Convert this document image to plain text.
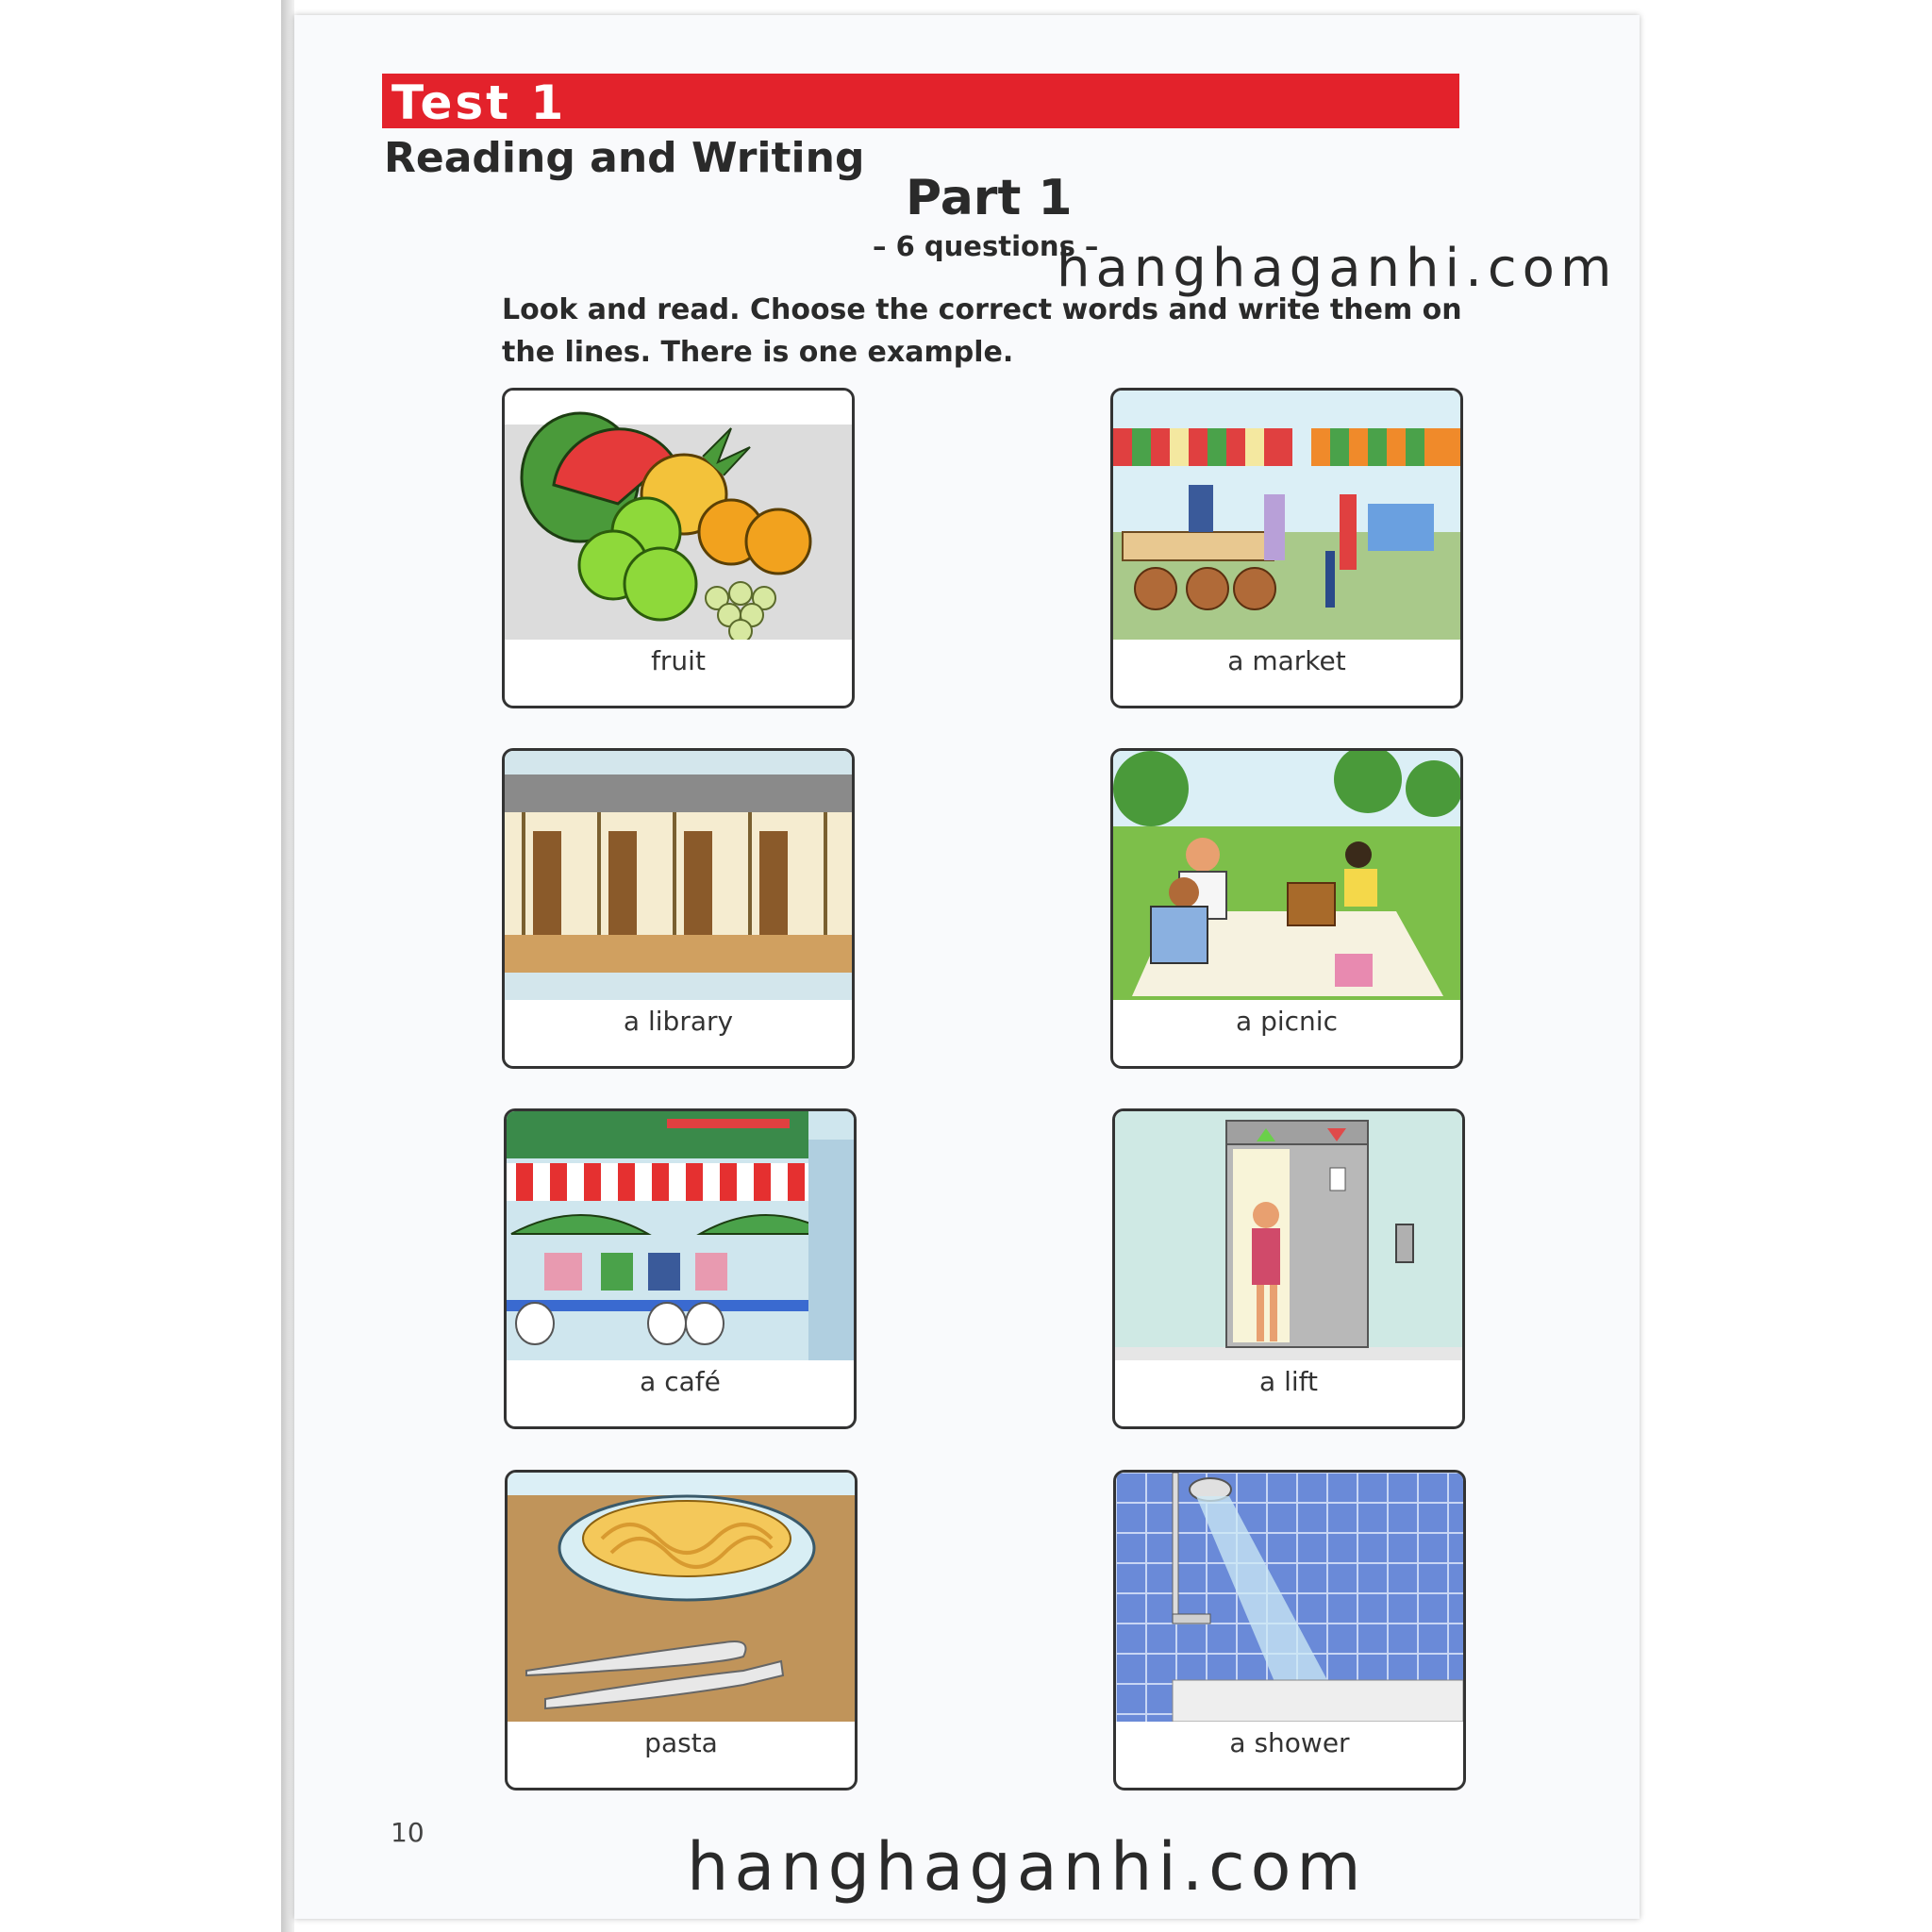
Test 1
Reading and Writing
Part 1
– 6 questions –
Look and read. Choose the correct words and write them on the lines. There is one example.
fruit	a market
a library	a picnic
a café	a lift
pasta	a shower
10
hanghaganhi.com
hanghaganhi.com
